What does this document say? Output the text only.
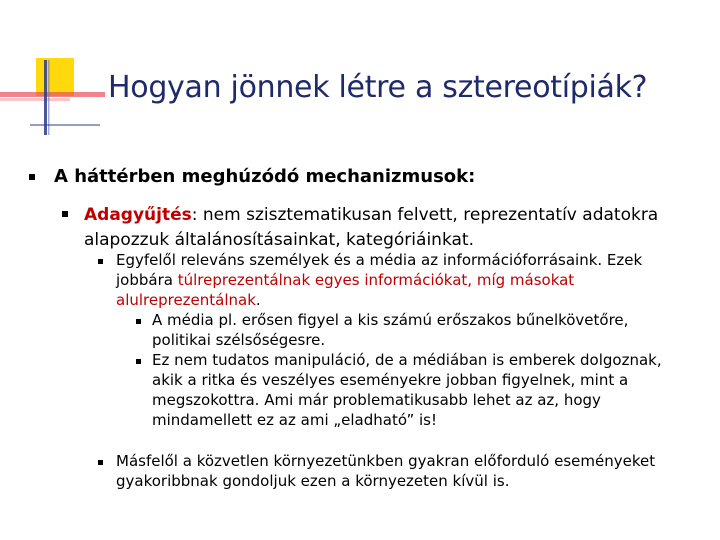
Hogyan jönnek létre a sztereotípiák?
A háttérben meghúzódó mechanizmusok:
Adagyűjtés: nem szisztematikusan felvett, reprezentatív adatokra
alapozzuk általánosításainkat, kategóriáinkat.
Egyfelől releváns személyek és a média az információforrásaink. Ezek
jobbára túlreprezentálnak egyes információkat, míg másokat
alulreprezentálnak.
A média pl. erősen figyel a kis számú erőszakos bűnelkövetőre,
politikai szélsőségesre.
Ez nem tudatos manipuláció, de a médiában is emberek dolgoznak,
akik a ritka és veszélyes eseményekre jobban figyelnek, mint a
megszokottra. Ami már problematikusabb lehet az az, hogy
mindamellett ez az ami „eladható” is!
Másfelől a közvetlen környezetünkben gyakran előforduló eseményeket
gyakoribbnak gondoljuk ezen a környezeten kívül is.
